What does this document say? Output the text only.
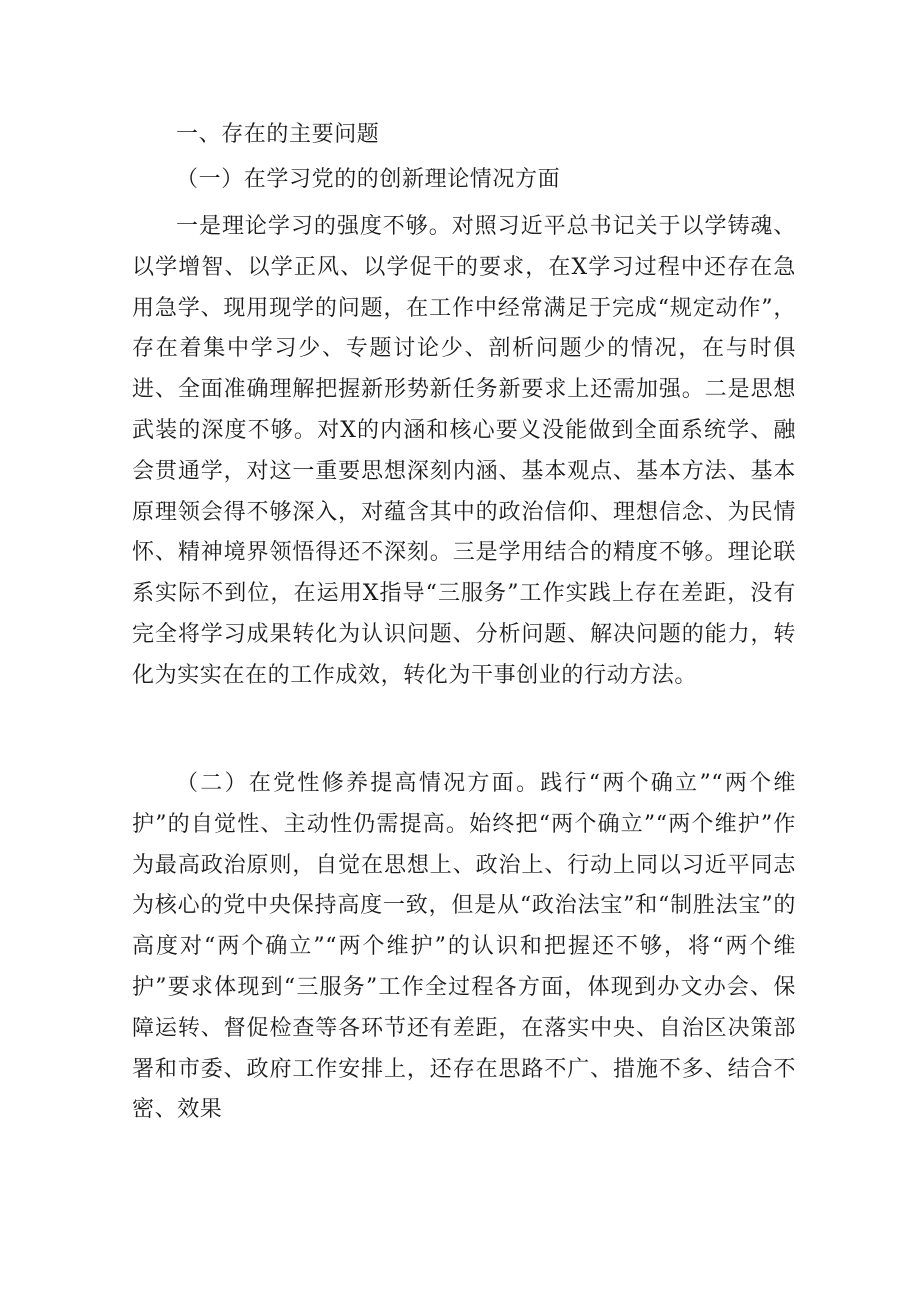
一、存在的主要问题
（一）在学习党的的创新理论情况方面
一是理论学习的强度不够。对照习近平总书记关于以学铸魂、以学增智、以学正风、以学促干的要求，在X学习过程中还存在急用急学、现用现学的问题，在工作中经常满足于完成“规定动作”，存在着集中学习少、专题讨论少、剖析问题少的情况，在与时俱进、全面准确理解把握新形势新任务新要求上还需加强。二是思想武装的深度不够。对X的内涵和核心要义没能做到全面系统学、融会贯通学，对这一重要思想深刻内涵、基本观点、基本方法、基本原理领会得不够深入，对蕴含其中的政治信仰、理想信念、为民情怀、精神境界领悟得还不深刻。三是学用结合的精度不够。理论联系实际不到位，在运用X指导“三服务”工作实践上存在差距，没有完全将学习成果转化为认识问题、分析问题、解决问题的能力，转化为实实在在的工作成效，转化为干事创业的行动方法。
（二）在党性修养提高情况方面。践行“两个确立”“两个维护”的自觉性、主动性仍需提高。始终把“两个确立”“两个维护”作为最高政治原则，自觉在思想上、政治上、行动上同以习近平同志为核心的党中央保持高度一致，但是从“政治法宝”和“制胜法宝”的高度对“两个确立”“两个维护”的认识和把握还不够，将“两个维护”要求体现到“三服务”工作全过程各方面，体现到办文办会、保障运转、督促检查等各环节还有差距，在落实中央、自治区决策部署和市委、政府工作安排上，还存在思路不广、措施不多、结合不密、效果
